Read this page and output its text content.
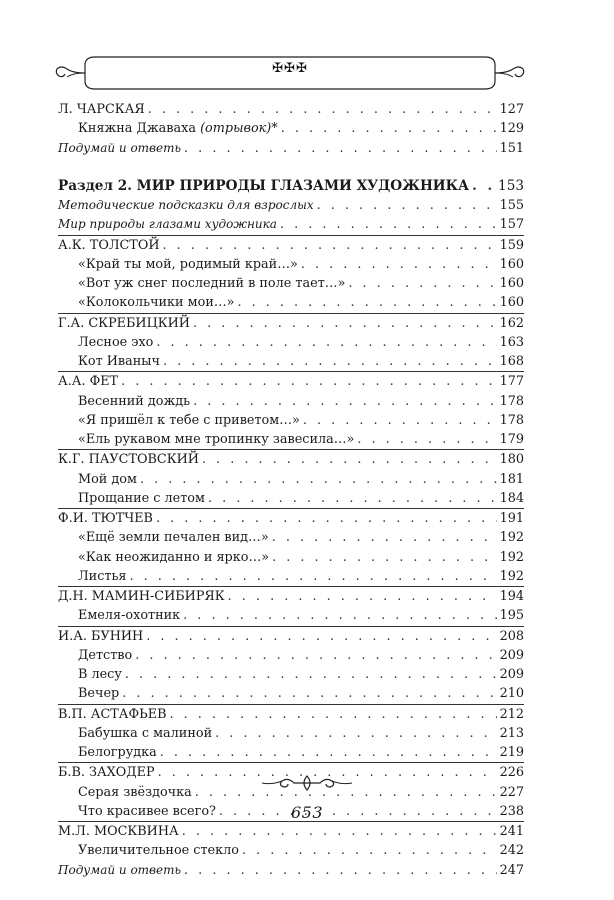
✠✠✠
Л. ЧАРСКАЯ . . .	127
Княжна Джаваха (отрывок)* . . .	129
Подумай и ответь . . .	151
Раздел 2. МИР ПРИРОДЫ ГЛАЗАМИ ХУДОЖНИКА . . . 153
Методические подсказки для взрослых . . .	155
Мир природы глазами художника . . .	157
А.К. ТОЛСТОЙ . . .	159
«Край ты мой, родимый край…» . . .	160
«Вот уж снег последний в поле тает…» . . .	160
«Колокольчики мои…» . . .	160
Г.А. СКРЕБИЦКИЙ . . .	162
Лесное эхо . . .	163
Кот Иваныч . . .	168
А.А. ФЕТ . . .	177
Весенний дождь . . .	178
«Я пришёл к тебе с приветом…» . . .	178
«Ель рукавом мне тропинку завесила…» . . .	179
К.Г. ПАУСТОВСКИЙ . . .	180
Мой дом . . .	181
Прощание с летом . . .	184
Ф.И. ТЮТЧЕВ . . .	191
«Ещё земли печален вид…» . . .	192
«Как неожиданно и ярко…» . . .	192
Листья . . .	192
Д.Н. МАМИН-СИБИРЯК . . .	194
Емеля-охотник . . .	195
И.А. БУНИН . . .	208
Детство . . .	209
В лесу . . .	209
Вечер . . .	210
В.П. АСТАФЬЕВ . . .	212
Бабушка с малиной . . .	213
Белогрудка . . .	219
Б.В. ЗАХОДЕР . . .	226
Серая звёздочка . . .	227
Что красивее всего? . . .	238
М.Л. МОСКВИНА . . .	241
Увеличительное стекло . . .	242
Подумай и ответь . . .	247
653
